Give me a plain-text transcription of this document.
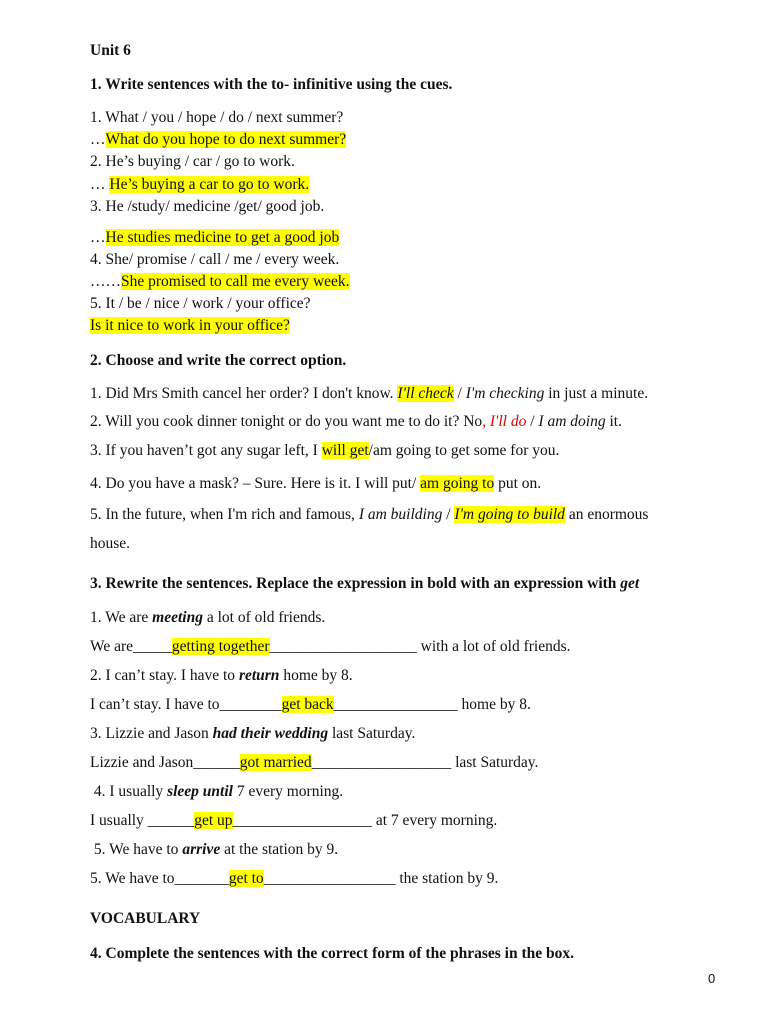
Unit 6
1. Write sentences with the to- infinitive using the cues.
1. What / you / hope / do / next summer?
…What do you hope to do next summer?
2. He’s buying / car / go to work.
… He’s buying a car to go to work.
3. He /study/ medicine /get/ good job.
…He studies medicine to get a good job
4. She/ promise / call / me / every week.
……She promised to call me every week.
5. It / be / nice / work / your office?
Is it nice to work in your office?
2. Choose and write the correct option.
1. Did Mrs Smith cancel her order? I don't know. I'll check / I'm checking in just a minute.
2. Will you cook dinner tonight or do you want me to do it? No, I'll do / I am doing it.
3. If you haven’t got any sugar left, I will get/am going to get some for you.
4. Do you have a mask? – Sure. Here is it. I will put/ am going to put on.
5. In the future, when I'm rich and famous, I am building / I'm going to build an enormous
house.
3. Rewrite the sentences. Replace the expression in bold with an expression with get
1. We are meeting a lot of old friends.
We are_____getting together___________________ with a lot of old friends.
2. I can’t stay. I have to return home by 8.
I can’t stay. I have to________get back________________ home by 8.
3. Lizzie and Jason had their wedding last Saturday.
Lizzie and Jason______got married__________________ last Saturday.
4. I usually sleep until 7 every morning.
I usually ______get up__________________ at 7 every morning.
5. We have to arrive at the station by 9.
5. We have to_______get to_________________ the station by 9.
VOCABULARY
4. Complete the sentences with the correct form of the phrases in the box.
0
